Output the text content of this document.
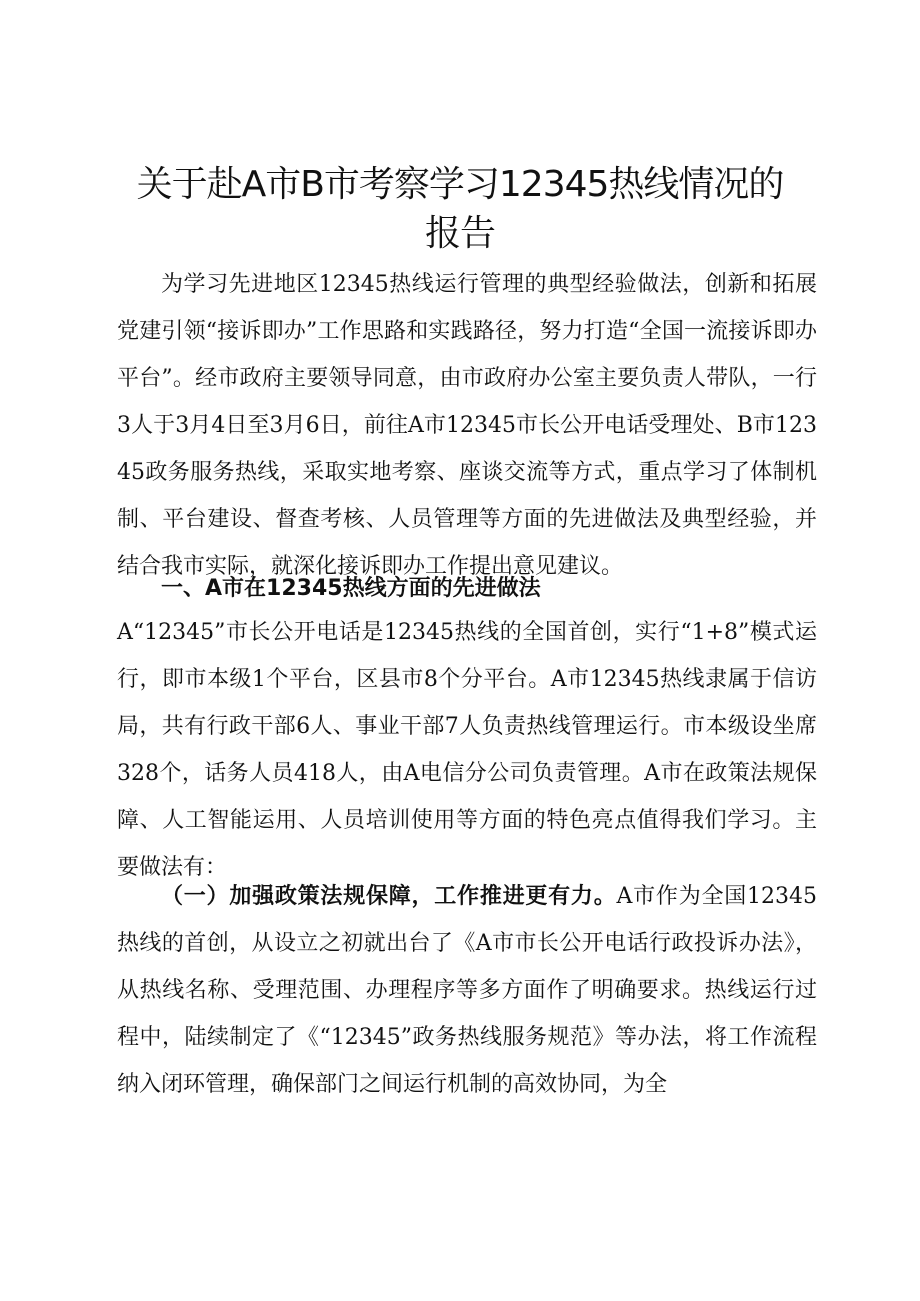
关于赴A市B市考察学习12345热线情况的
报告

为学习先进地区12345热线运行管理的典型经验做法，创新和拓展党建引领“接诉即办”工作思路和实践路径，努力打造“全国一流接诉即办平台”。经市政府主要领导同意，由市政府办公室主要负责人带队，一行3人于3月4日至3月6日，前往A市12345市长公开电话受理处、B市12345政务服务热线，采取实地考察、座谈交流等方式，重点学习了体制机制、平台建设、督查考核、人员管理等方面的先进做法及典型经验，并结合我市实际，就深化接诉即办工作提出意见建议。

一、A市在12345热线方面的先进做法

A“12345”市长公开电话是12345热线的全国首创，实行“1+8”模式运行，即市本级1个平台，区县市8个分平台。A市12345热线隶属于信访局，共有行政干部6人、事业干部7人负责热线管理运行。市本级设坐席328个，话务人员418人，由A电信分公司负责管理。A市在政策法规保障、人工智能运用、人员培训使用等方面的特色亮点值得我们学习。主要做法有：

（一）加强政策法规保障，工作推进更有力。A市作为全国12345热线的首创，从设立之初就出台了《A市市长公开电话行政投诉办法》，从热线名称、受理范围、办理程序等多方面作了明确要求。热线运行过程中，陆续制定了《“12345”政务热线服务规范》等办法，将工作流程纳入闭环管理，确保部门之间运行机制的高效协同，为全
